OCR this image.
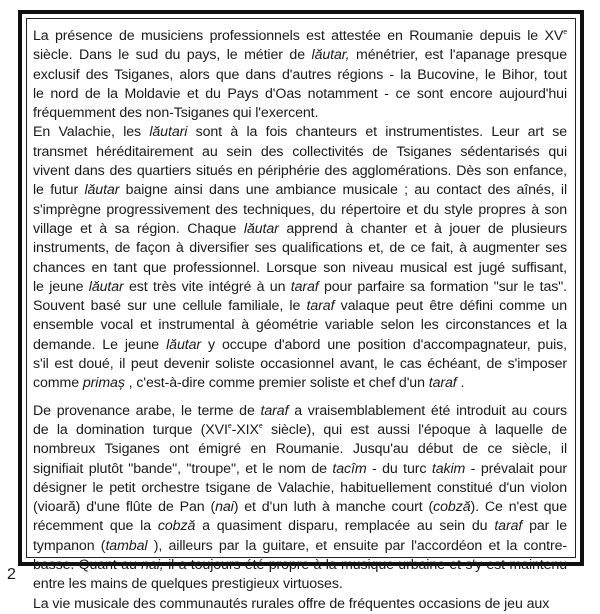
La présence de musiciens professionnels est attestée en Roumanie depuis le XVe
siècle. Dans le sud du pays, le métier de lăutar, ménétrier, est l'apanage presque
exclusif des Tsiganes, alors que dans d'autres régions - la Bucovine, le Bihor, tout
le nord de la Moldavie et du Pays d'Oas notamment - ce sont encore aujourd'hui
fréquemment des non-Tsiganes qui l'exercent.
En Valachie, les lăutari sont à la fois chanteurs et instrumentistes. Leur art se
transmet héréditairement au sein des collectivités de Tsiganes sédentarisés qui
vivent dans des quartiers situés en périphérie des agglomérations. Dès son enfance,
le futur lăutar baigne ainsi dans une ambiance musicale ; au contact des aînés, il
s'imprègne progressivement des techniques, du répertoire et du style propres à son
village et à sa région. Chaque lăutar apprend à chanter et à jouer de plusieurs
instruments, de façon à diversifier ses qualifications et, de ce fait, à augmenter ses
chances en tant que professionnel. Lorsque son niveau musical est jugé suffisant,
le jeune lăutar est très vite intégré à un taraf pour parfaire sa formation "sur le tas".
Souvent basé sur une cellule familiale, le taraf valaque peut être défini comme un
ensemble vocal et instrumental à géométrie variable selon les circonstances et la
demande. Le jeune lăutar y occupe d'abord une position d'accompagnateur, puis,
s'il est doué, il peut devenir soliste occasionnel avant, le cas échéant, de s'imposer
comme primaș , c'est-à-dire comme premier soliste et chef d'un taraf .
De provenance arabe, le terme de taraf a vraisemblablement été introduit au cours
de la domination turque (XVIe-XIXe siècle), qui est aussi l'époque à laquelle de
nombreux Tsiganes ont émigré en Roumanie. Jusqu'au début de ce siècle, il
signifiait plutôt "bande", "troupe", et le nom de tacîm - du turc takim - prévalait pour
désigner le petit orchestre tsigane de Valachie, habituellement constitué d'un violon
(vioară) d'une flûte de Pan (nai) et d'un luth à manche court (cobză). Ce n'est que
récemment que la cobză a quasiment disparu, remplacée au sein du taraf par le
tympanon (tambal ), ailleurs par la guitare, et ensuite par l'accordéon et la contre-
basse. Quant au nai, il a toujours été propre à la musique urbaine et s'y est maintenu
entre les mains de quelques prestigieux virtuoses.
La vie musicale des communautés rurales offre de fréquentes occasions de jeu aux
2
